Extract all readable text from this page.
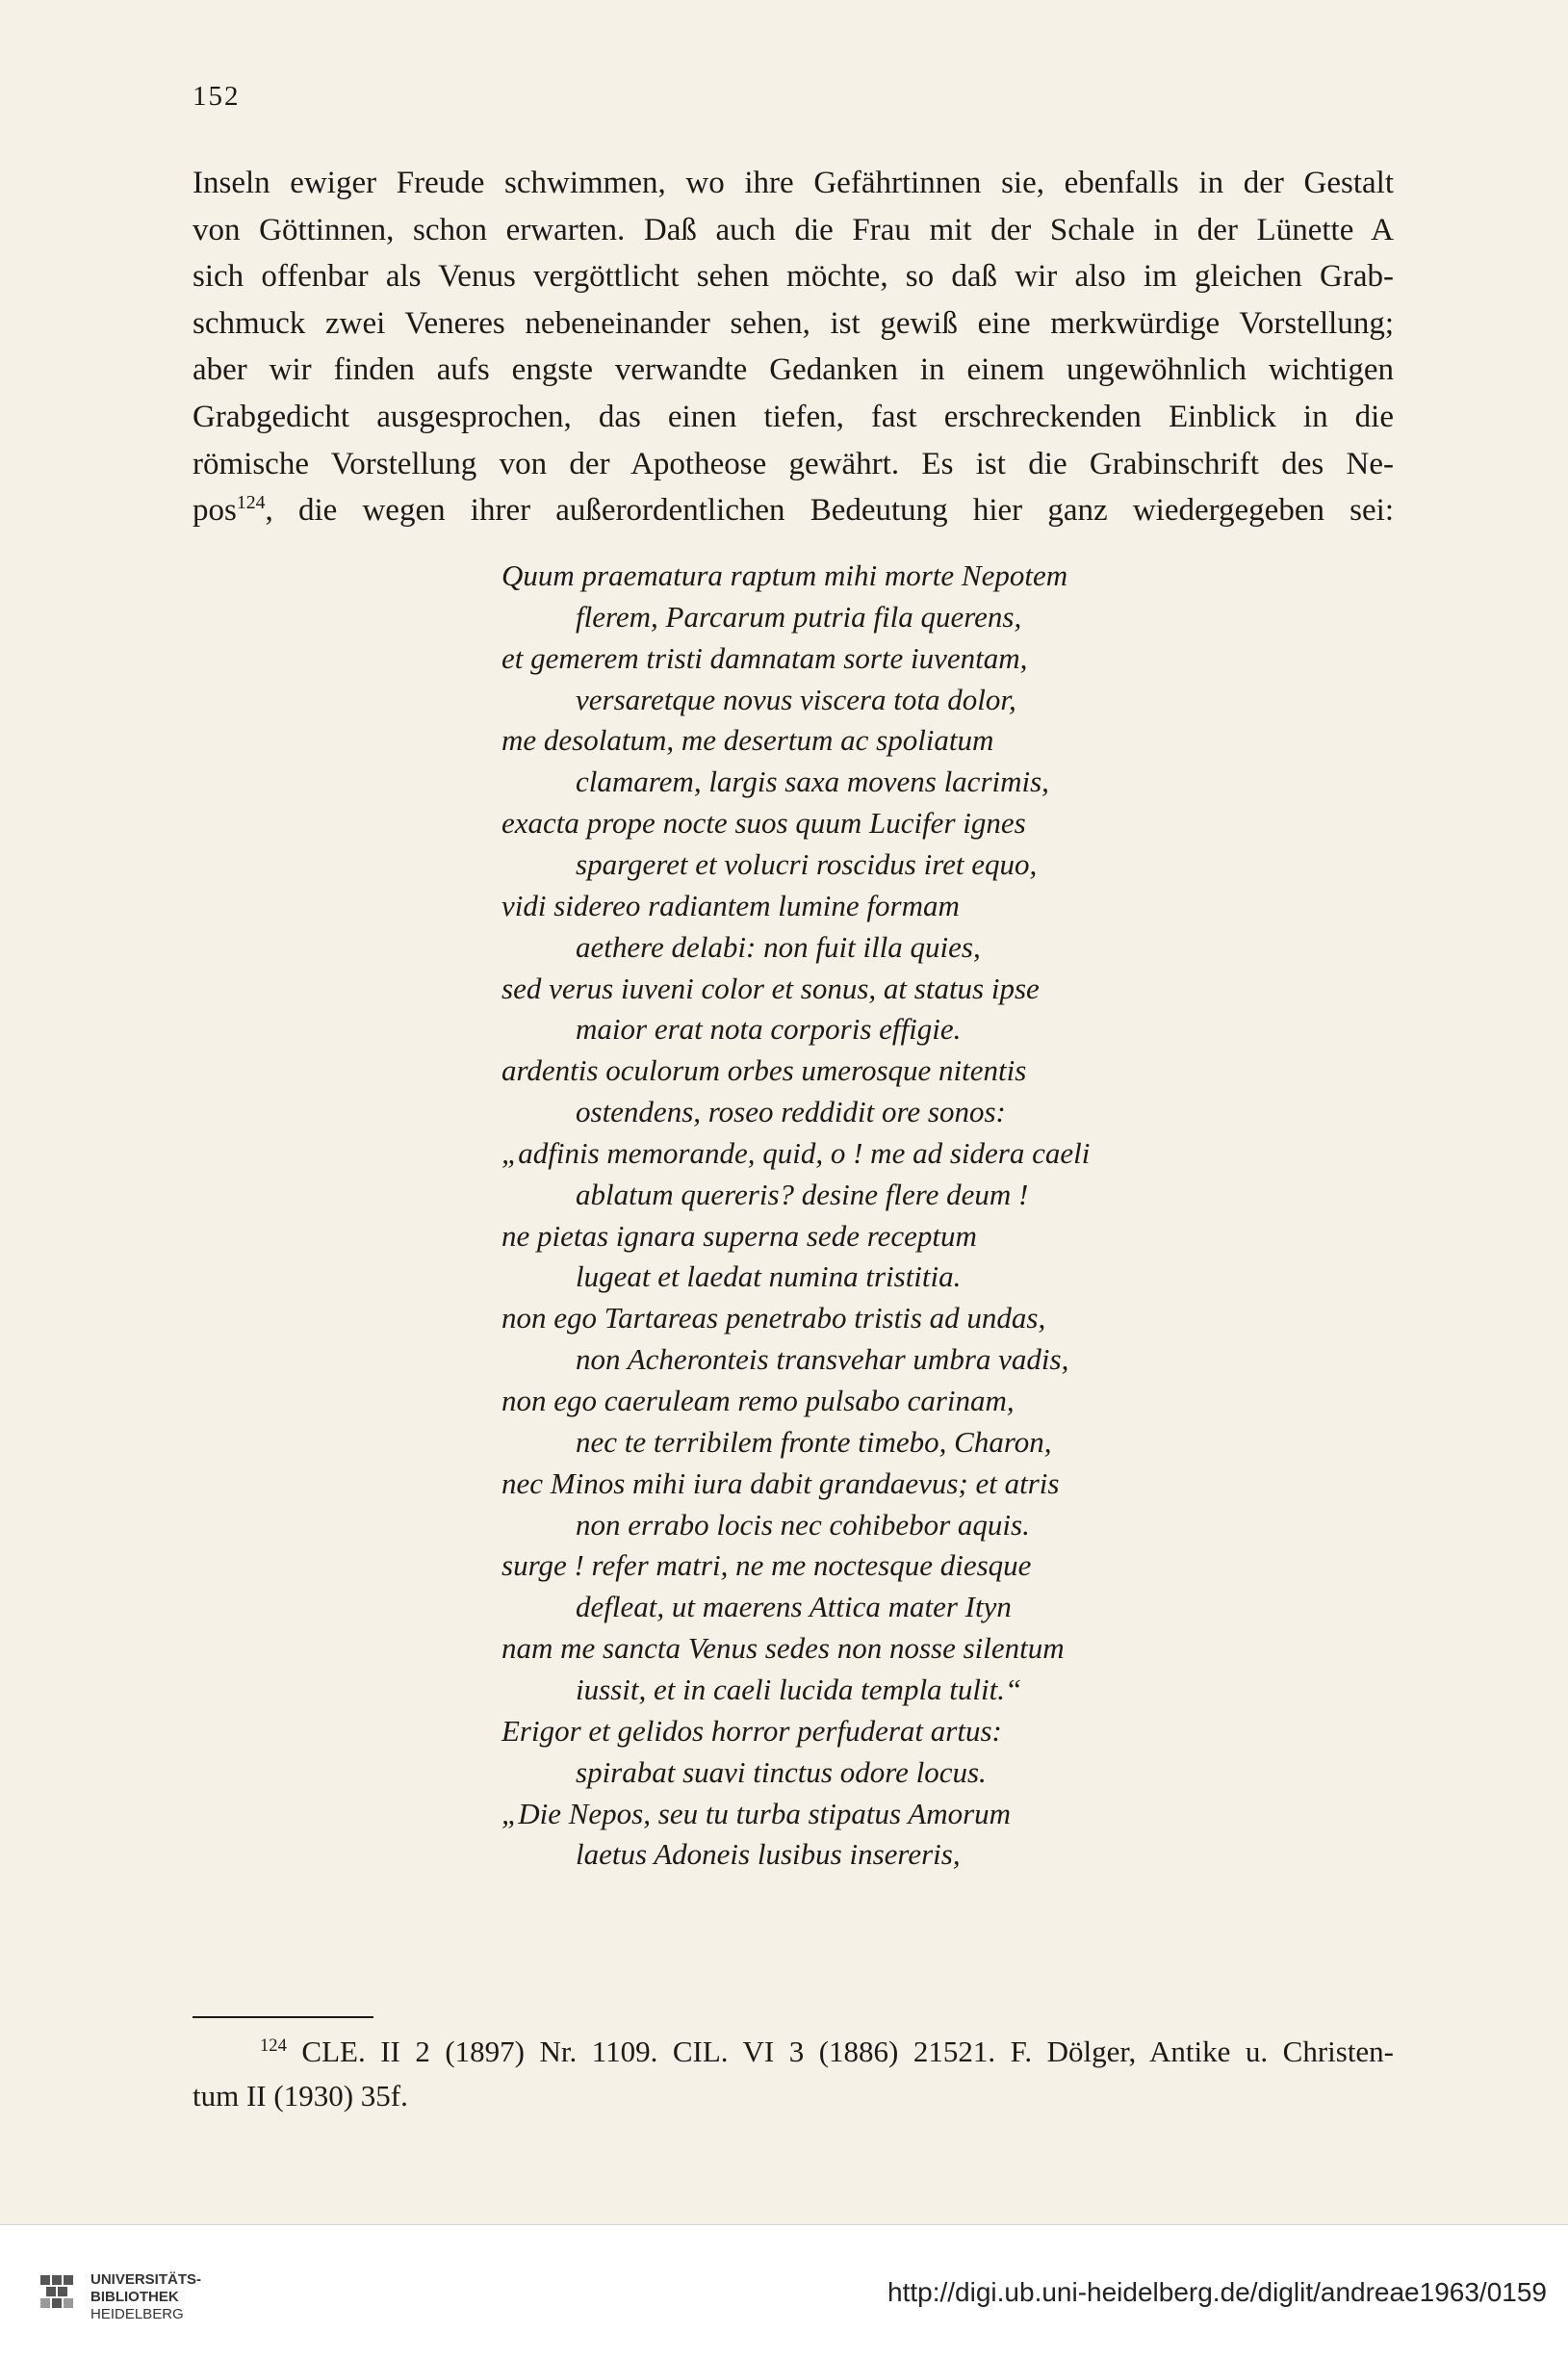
152
Inseln ewiger Freude schwimmen, wo ihre Gefährtinnen sie, ebenfalls in der Gestalt
von Göttinnen, schon erwarten. Daß auch die Frau mit der Schale in der Lünette A
sich offenbar als Venus vergöttlicht sehen möchte, so daß wir also im gleichen Grab-
schmuck zwei Veneres nebeneinander sehen, ist gewiß eine merkwürdige Vorstellung;
aber wir finden aufs engste verwandte Gedanken in einem ungewöhnlich wichtigen
Grabgedicht ausgesprochen, das einen tiefen, fast erschreckenden Einblick in die
römische Vorstellung von der Apotheose gewährt. Es ist die Grabinschrift des Ne-
pos$^{124}$, die wegen ihrer außerordentlichen Bedeutung hier ganz wiedergegeben sei:
Quum praematura raptum mihi morte Nepotem
flerem, Parcarum putria fila querens,
et gemerem tristi damnatam sorte iuventam,
versaretque novus viscera tota dolor,
me desolatum, me desertum ac spoliatum
clamarem, largis saxa movens lacrimis,
exacta prope nocte suos quum Lucifer ignes
spargeret et volucri roscidus iret equo,
vidi sidereo radiantem lumine formam
aethere delabi: non fuit illa quies,
sed verus iuveni color et sonus, at status ipse
maior erat nota corporis effigie.
ardentis oculorum orbes umerosque nitentis
ostendens, roseo reddidit ore sonos:
„adfinis memorande, quid, o ! me ad sidera caeli
ablatum quereris? desine flere deum !
ne pietas ignara superna sede receptum
lugeat et laedat numina tristitia.
non ego Tartareas penetrabo tristis ad undas,
non Acheronteis transvehar umbra vadis,
non ego caeruleam remo pulsabo carinam,
nec te terribilem fronte timebo, Charon,
nec Minos mihi iura dabit grandaevus; et atris
non errabo locis nec cohibebor aquis.
surge ! refer matri, ne me noctesque diesque
defleat, ut maerens Attica mater Ityn
nam me sancta Venus sedes non nosse silentum
iussit, et in caeli lucida templa tulit.“
Erigor et gelidos horror perfuderat artus:
spirabat suavi tinctus odore locus.
„Die Nepos, seu tu turba stipatus Amorum
laetus Adoneis lusibus insereris,
$^{124}$ CLE. II 2 (1897) Nr. 1109. CIL. VI 3 (1886) 21521. F. Dölger, Antike u. Christen-
tum II (1930) 35f.
UNIVERSITÄTS-
BIBLIOTHEK
HEIDELBERG
http://digi.ub.uni-heidelberg.de/diglit/andreae1963/0159
